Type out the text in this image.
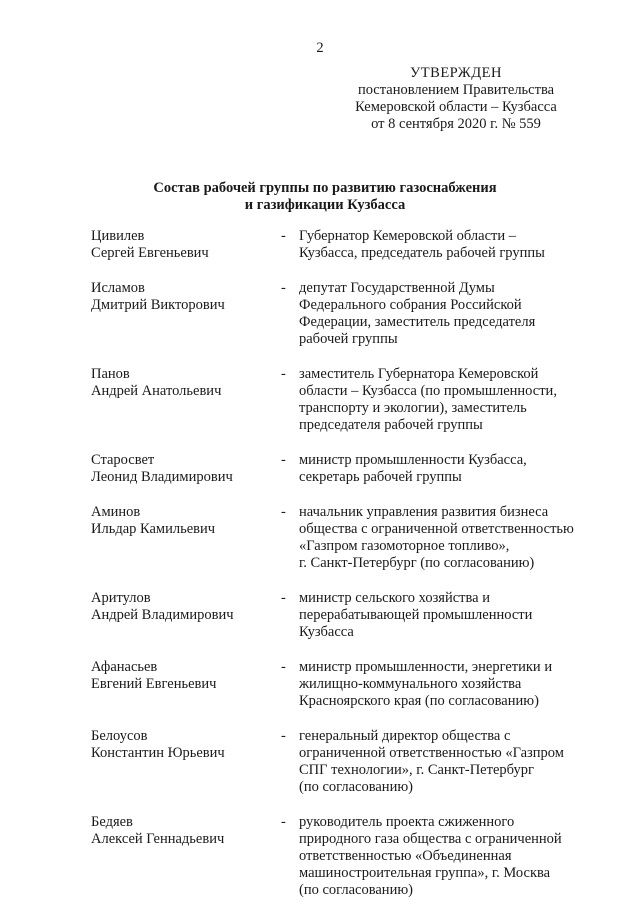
2
УТВЕРЖДЕН
постановлением Правительства
Кемеровской области – Кузбасса
от 8 сентября 2020 г. № 559
Состав рабочей группы по развитию газоснабжения
и газификации Кузбасса
Цивилев
Сергей Евгеньевич
- Губернатор Кемеровской области –
Кузбасса, председатель рабочей группы
Исламов
Дмитрий Викторович
- депутат Государственной Думы
Федерального собрания Российской
Федерации, заместитель председателя
рабочей группы
Панов
Андрей Анатольевич
- заместитель Губернатора Кемеровской
области – Кузбасса (по промышленности,
транспорту и экологии), заместитель
председателя рабочей группы
Старосвет
Леонид Владимирович
- министр промышленности Кузбасса,
секретарь рабочей группы
Аминов
Ильдар Камильевич
- начальник управления развития бизнеса
общества с ограниченной ответственностью
«Газпром газомоторное топливо»,
г. Санкт-Петербург (по согласованию)
Аритулов
Андрей Владимирович
- министр сельского хозяйства и
перерабатывающей промышленности
Кузбасса
Афанасьев
Евгений Евгеньевич
- министр промышленности, энергетики и
жилищно-коммунального хозяйства
Красноярского края (по согласованию)
Белоусов
Константин Юрьевич
- генеральный директор общества с
ограниченной ответственностью «Газпром
СПГ технологии», г. Санкт-Петербург
(по согласованию)
Бедяев
Алексей Геннадьевич
- руководитель проекта сжиженного
природного газа общества с ограниченной
ответственностью «Объединенная
машиностроительная группа», г. Москва
(по согласованию)
